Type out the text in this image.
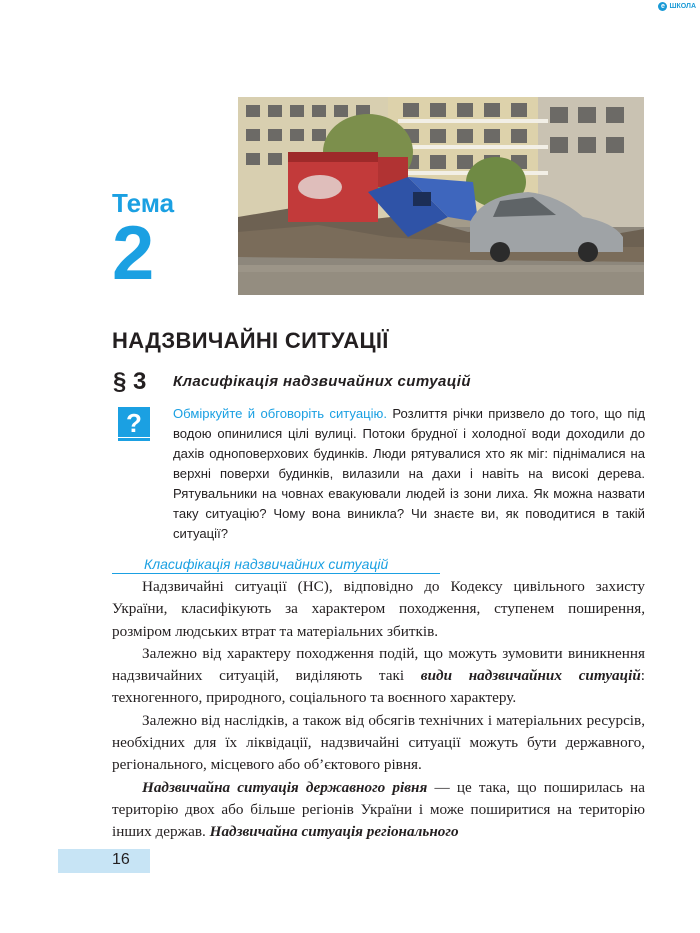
e ШКОЛА
Тема
2
НАДЗВИЧАЙНІ СИТУАЦІЇ
§ 3 Класифікація надзвичайних ситуацій
? Обміркуйте й обговоріть ситуацію. Розлиття річки призвело до того, що під водою опинилися цілі вулиці. Потоки брудної і холодної води доходили до дахів одноповерхових будинків. Люди рятувалися хто як міг: піднімалися на верхні поверхи будинків, вилазили на дахи і навіть на високі дерева. Рятувальники на човнах евакуювали людей із зони лиха. Як можна назвати таку ситуацію? Чому вона виникла? Чи знаєте ви, як поводитися в такій ситуації?
Класифікація надзвичайних ситуацій

Надзвичайні ситуації (НС), відповідно до Кодексу цивільного захисту України, класифікують за характером походження, ступенем поширення, розміром людських втрат та матеріальних збитків.

Залежно від характеру походження подій, що можуть зумовити виникнення надзвичайних ситуацій, виділяють такі види надзвичайних ситуацій: техногенного, природного, соціального та воєнного характеру.

Залежно від наслідків, а також від обсягів технічних і матеріальних ресурсів, необхідних для їх ліквідації, надзвичайні ситуації можуть бути державного, регіонального, місцевого або об’єктового рівня.

Надзвичайна ситуація державного рівня — це така, що поширилась на територію двох або більше регіонів України і може поширитися на територію інших держав. Надзвичайна ситуація регіонального

16
